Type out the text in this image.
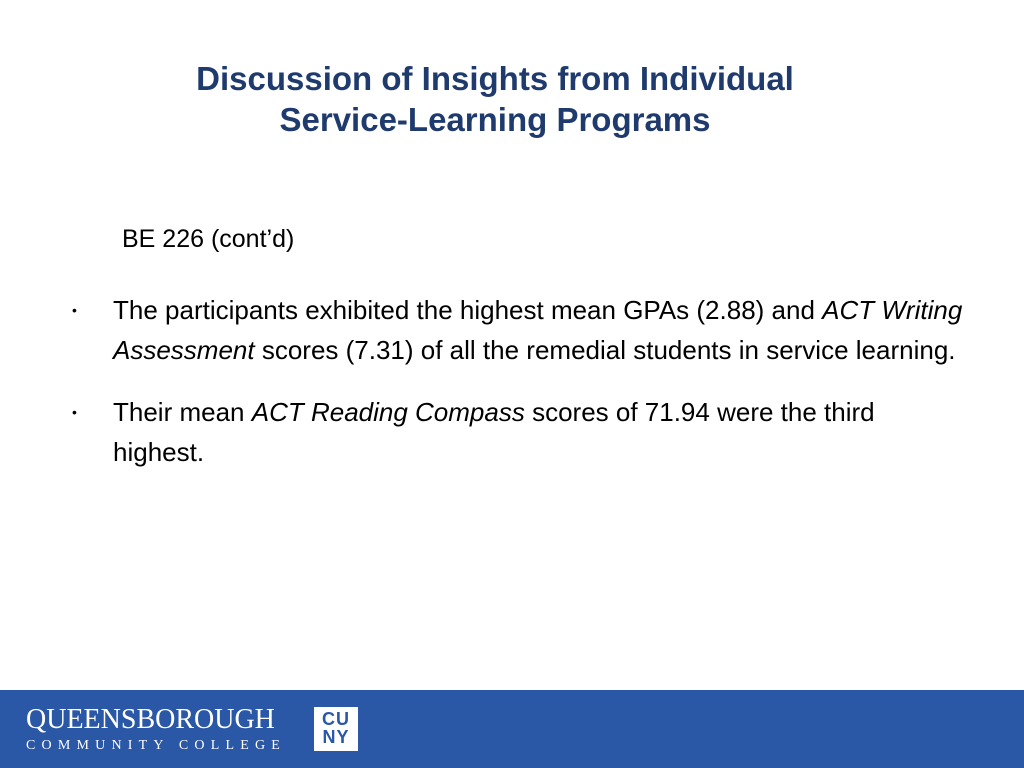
Discussion of Insights from Individual
Service-Learning Programs
BE 226 (cont’d)
• The participants exhibited the highest mean GPAs (2.88) and ACT Writing Assessment scores (7.31) of all the remedial students in service learning.
• Their mean ACT Reading Compass scores of 71.94 were the third highest.
QUEENSBOROUGH
COMMUNITY COLLEGE
CU
NY
